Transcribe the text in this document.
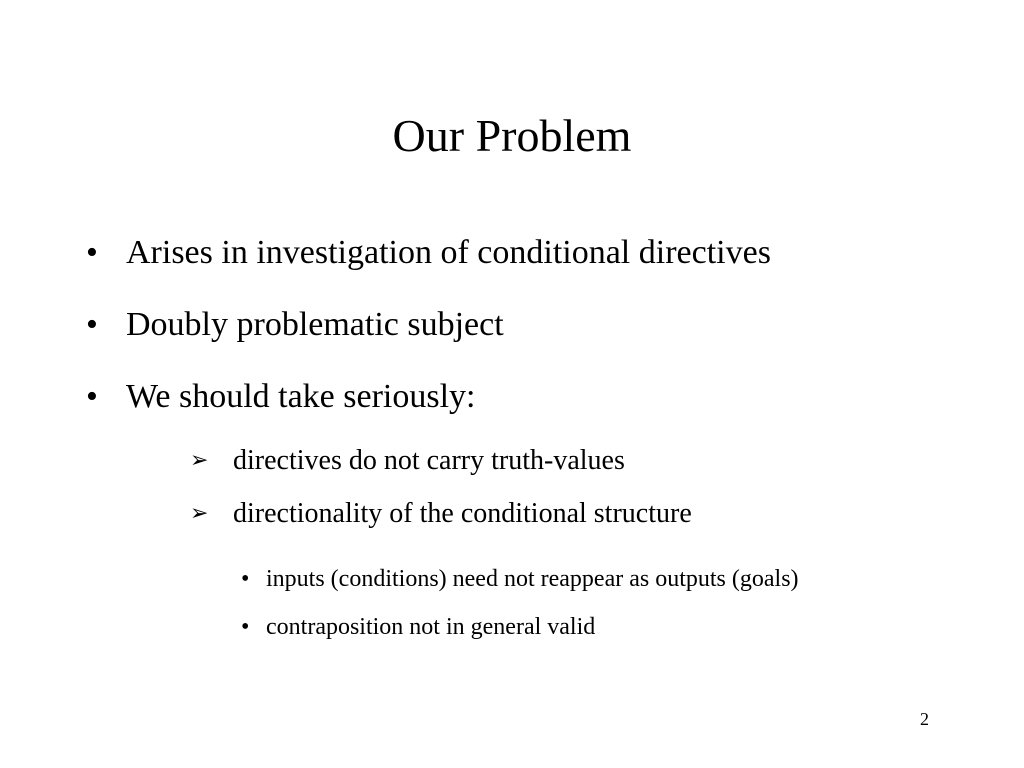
Our Problem
• Arises in investigation of conditional directives
• Doubly problematic subject
• We should take seriously:
➢ directives do not carry truth-values
➢ directionality of the conditional structure
• inputs (conditions) need not reappear as outputs (goals)
• contraposition not in general valid
2
